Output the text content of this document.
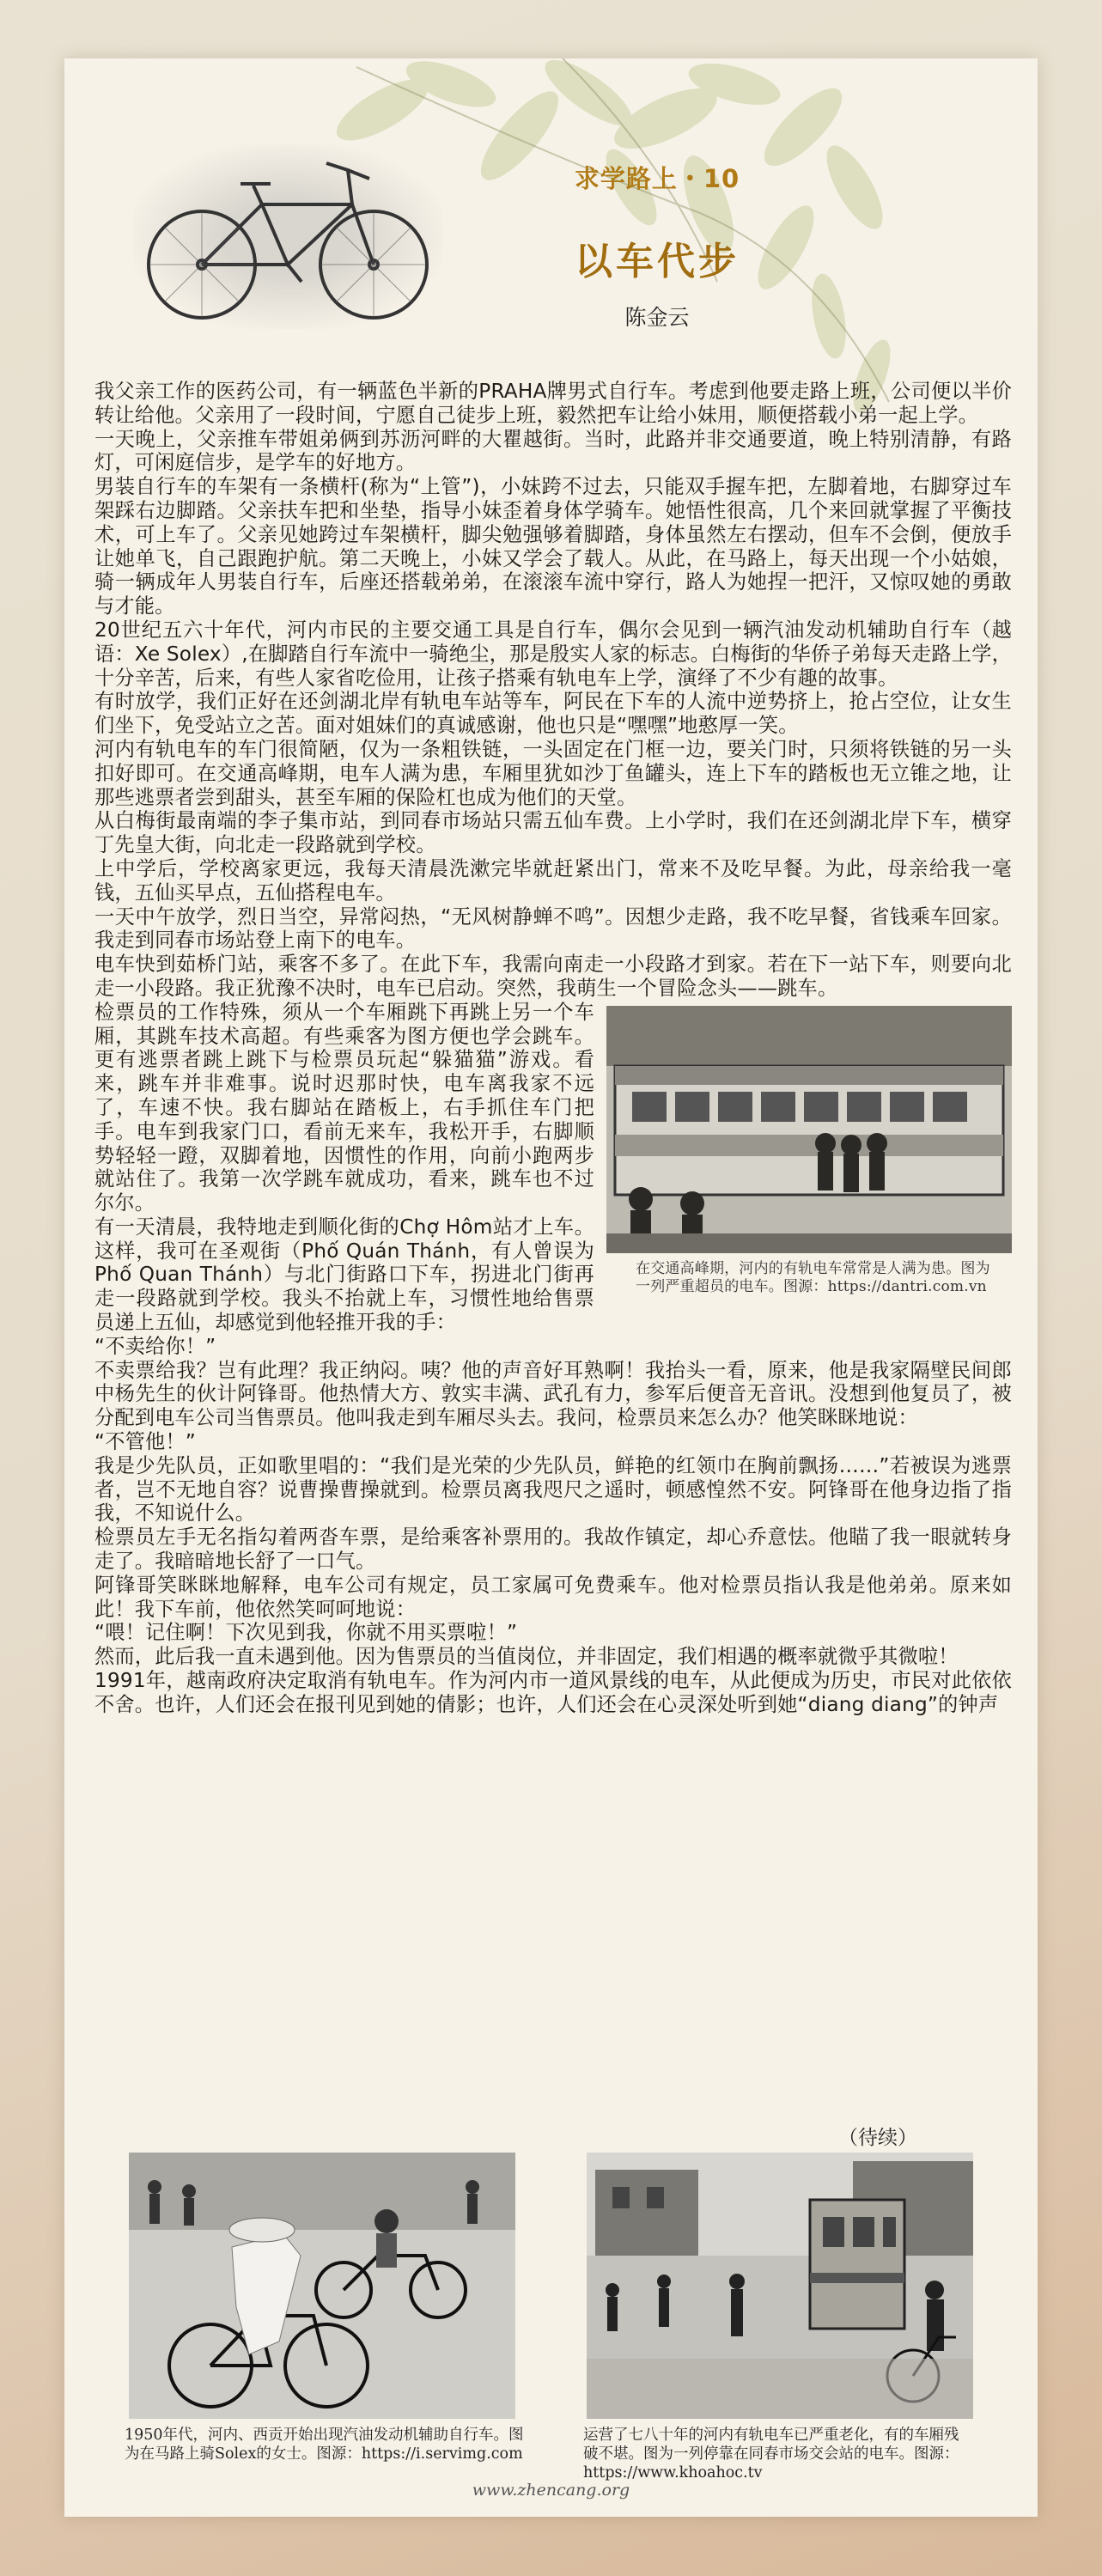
求学路上・10
以车代步
陈金云

我父亲工作的医药公司，有一辆蓝色半新的PRAHA牌男式自行车。考虑到他要走路上班，公司便以半价转让给他。父亲用了一段时间，宁愿自己徒步上班，毅然把车让给小妹用，顺便搭载小弟一起上学。

一天晚上，父亲推车带姐弟俩到苏沥河畔的大瞿越街。当时，此路并非交通要道，晚上特别清静，有路灯，可闲庭信步，是学车的好地方。

男装自行车的车架有一条横杆(称为“上管”)，小妹跨不过去，只能双手握车把，左脚着地，右脚穿过车架踩右边脚踏。父亲扶车把和坐垫，指导小妹歪着身体学骑车。她悟性很高，几个来回就掌握了平衡技术，可上车了。父亲见她跨过车架横杆，脚尖勉强够着脚踏，身体虽然左右摆动，但车不会倒，便放手让她单飞，自己跟跑护航。第二天晚上，小妹又学会了载人。从此，在马路上，每天出现一个小姑娘，骑一辆成年人男装自行车，后座还搭载弟弟，在滚滚车流中穿行，路人为她捏一把汗，又惊叹她的勇敢与才能。

20世纪五六十年代，河内市民的主要交通工具是自行车，偶尔会见到一辆汽油发动机辅助自行车（越语：Xe Solex）,在脚踏自行车流中一骑绝尘，那是殷实人家的标志。白梅街的华侨子弟每天走路上学，十分辛苦，后来，有些人家省吃俭用，让孩子搭乘有轨电车上学，演绎了不少有趣的故事。

有时放学，我们正好在还剑湖北岸有轨电车站等车，阿民在下车的人流中逆势挤上，抢占空位，让女生们坐下，免受站立之苦。面对姐妹们的真诚感谢，他也只是“嘿嘿”地憨厚一笑。

河内有轨电车的车门很简陋，仅为一条粗铁链，一头固定在门框一边，要关门时，只须将铁链的另一头扣好即可。在交通高峰期，电车人满为患，车厢里犹如沙丁鱼罐头，连上下车的踏板也无立锥之地，让那些逃票者尝到甜头，甚至车厢的保险杠也成为他们的天堂。

从白梅街最南端的李子集市站，到同春市场站只需五仙车费。上小学时，我们在还剑湖北岸下车，横穿丁先皇大街，向北走一段路就到学校。

上中学后，学校离家更远，我每天清晨洗漱完毕就赶紧出门，常来不及吃早餐。为此，母亲给我一毫钱，五仙买早点，五仙搭程电车。

一天中午放学，烈日当空，异常闷热，“无风树静蝉不鸣”。因想少走路，我不吃早餐，省钱乘车回家。我走到同春市场站登上南下的电车。

电车快到茹桥门站，乘客不多了。在此下车，我需向南走一小段路才到家。若在下一站下车，则要向北走一小段路。我正犹豫不决时，电车已启动。突然，我萌生一个冒险念头——跳车。

在交通高峰期，河内的有轨电车常常是人满为患。图为一列严重超员的电车。图源：https://dantri.com.vn

检票员的工作特殊，须从一个车厢跳下再跳上另一个车厢，其跳车技术高超。有些乘客为图方便也学会跳车。更有逃票者跳上跳下与检票员玩起“躲猫猫”游戏。看来，跳车并非难事。说时迟那时快，电车离我家不远了，车速不快。我右脚站在踏板上，右手抓住车门把手。电车到我家门口，看前无来车，我松开手，右脚顺势轻轻一蹬，双脚着地，因惯性的作用，向前小跑两步就站住了。我第一次学跳车就成功，看来，跳车也不过尔尔。

有一天清晨，我特地走到顺化街的Chợ Hôm站才上车。这样，我可在圣观街（Phố Quán Thánh，有人曾误为Phố Quan Thánh）与北门街路口下车，拐进北门街再走一段路就到学校。我头不抬就上车，习惯性地给售票员递上五仙，却感觉到他轻推开我的手：

“不卖给你！”

不卖票给我？岂有此理？我正纳闷。咦？他的声音好耳熟啊！我抬头一看，原来，他是我家隔壁民间郎中杨先生的伙计阿锋哥。他热情大方、敦实丰满、武孔有力，参军后便音无音讯。没想到他复员了，被分配到电车公司当售票员。他叫我走到车厢尽头去。我问，检票员来怎么办？他笑眯眯地说：

“不管他！”

我是少先队员，正如歌里唱的：“我们是光荣的少先队员，鲜艳的红领巾在胸前飘扬……”若被误为逃票者，岂不无地自容？说曹操曹操就到。检票员离我咫尺之遥时，顿感惶然不安。阿锋哥在他身边指了指我，不知说什么。

检票员左手无名指勾着两沓车票，是给乘客补票用的。我故作镇定，却心乔意怯。他瞄了我一眼就转身走了。我暗暗地长舒了一口气。

阿锋哥笑眯眯地解释，电车公司有规定，员工家属可免费乘车。他对检票员指认我是他弟弟。原来如此！我下车前，他依然笑呵呵地说：

“喂！记住啊！下次见到我，你就不用买票啦！”

然而，此后我一直未遇到他。因为售票员的当值岗位，并非固定，我们相遇的概率就微乎其微啦！

1991年，越南政府决定取消有轨电车。作为河内市一道风景线的电车，从此便成为历史，市民对此依依不舍。也许，人们还会在报刊见到她的倩影；也许，人们还会在心灵深处听到她“diang diang”的钟声

（待续）
1950年代，河内、西贡开始出现汽油发动机辅助自行车。图为在马路上骑Solex的女士。图源：https://i.servimg.com
运营了七八十年的河内有轨电车已严重老化，有的车厢残破不堪。图为一列停靠在同春市场交会站的电车。图源：https://www.khoahoc.tv
www.zhencang.org
